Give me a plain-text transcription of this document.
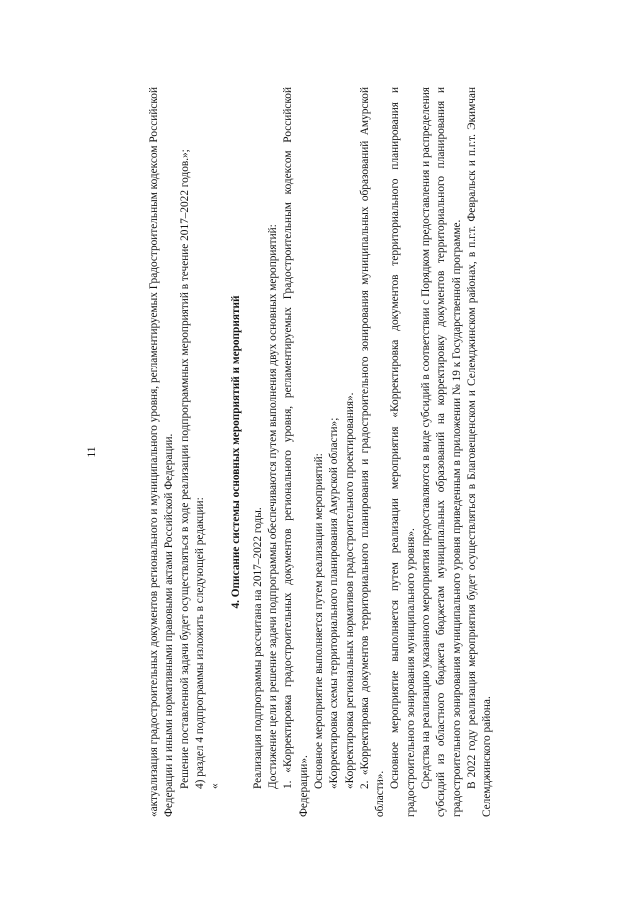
11	«актуализация градостроительных документов регионального и муниципального уровня, регламентируемых Градостроительным кодексом Российской Федерации и иными нормативными правовыми актами Российской Федерации. Решение поставленной задачи будет осуществляться в ходе реализации подпрограммных мероприятий в течение 2017–2022 годов.»; 4) раздел 4 подпрограммы изложить в следующей редакции: «

4. Описание системы основных мероприятий и мероприятий

Реализация подпрограммы рассчитана на 2017–2022 годы. Достижение цели и решение задачи подпрограммы обеспечиваются путем выполнения двух основных мероприятий: 1. «Корректировка градостроительных документов регионального уровня, регламентируемых Градостроительным кодексом Российской Федерации». Основное мероприятие выполняется путем реализации мероприятий: «Корректировка схемы территориального планирования Амурской области»; «Корректировка региональных нормативов градостроительного проектирования». 2. «Корректировка документов территориального планирования и градостроительного зонирования муниципальных образований Амурской области».

Основное мероприятие выполняется путем реализации мероприятия «Корректировка документов территориального планирования и градостроительного зонирования муниципального уровня». Средства на реализацию указанного мероприятия предоставляются в виде субсидий в соответствии с Порядком предоставления и распределения субсидий из областного бюджета бюджетам муниципальных образований на корректировку документов территориального планирования и градостроительного зонирования муниципального уровня приведенным в приложении № 19 к Государственной программе. В 2022 году реализация мероприятия будет осуществляться в Благовещенском и Селемджинском районах, в п.г.т. Февральск и п.г.т. Экимчан Селемджинского района.
